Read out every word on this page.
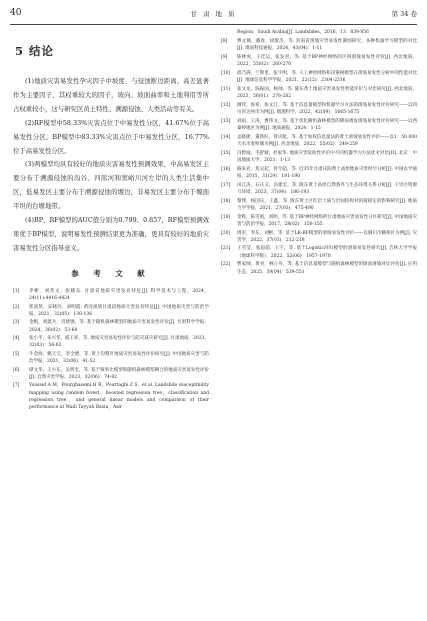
40	甘 肃 地 质	第 34 卷
5 结论

(1)地质灾害易发性孕灾因子中坡度、与侵蚀断边距离、高差显著作为主要因子，其权重较大的因子，坡向、坡面曲率和土地利用等所占权重较小，这与研究区黄土特性、溯源侵蚀、人类活动等有关。

(2)RF模型中58.33%灾害点位于中易发性分区，41.67%位于高易发性分区，BP模型中83.33%灾害点位于中易发性分区，16.77%位于高易发性分区。

(3)两模型均具有较好的地质灾害易发性预测效果，中高易发区主要分布于溯源侵蚀的沟谷、四郎河和窦峪川河左岸的人类生活集中区，低易发区主要分布于溯源侵蚀的塬边，非易发区主要分布于塬面平坦的台塬地带。

(4)BP、RF模型的AUC值分别为0.799、0.857，RF模型预测效果优于BP模型，说明易发性预测结果更为准确，更具有较好的地质灾害易发性分区指导意义。

参 考 文 献
[1] 李彬，刘善文，张晓东. 甘肃省地质灾害发育特征[J]. 科学技术与工程，2024，24(11):4416-4424
[2] 郭富贤，宋晓玲，刘明霞. 黄河流域甘肃段地质灾害发育特征[J]. 中国地质灾害与防治学报，2021，32(05)：130-136
[3] 金帆，刘建兵，肖建强，等. 基于随机森林模型的地质灾害易发性评价[J]. 甘肃科学学报，2024，36(02)：53-60
[4] 张小平，朱兴华，戚王祥，等. 地质灾害易发性评价与防灾减灾研究[J]. 甘肃地质，2023，32(03)：56-62
[5] 牛金海，姚天宝，李全德，等. 黄土沟壑区地质灾害易发性评价研究[J]. 中国地质灾害与防治学报，2021，32(06)：41-52
[6] 谭文华，王小东，吴明奎，等. 基于频率比模型和随机森林模型耦合的地质灾害易发性评价[J]. 自然灾害学报，2023，32(06)：74-82
[7] Youssef A M，Pourghasemi H R，Pourtaghi Z S，et al. Landslide susceptibility mapping using random forest，boosted regression tree，classification and regression tree，and general linear models and comparison of their performance at Wadi Tayyah Basin，Asir
Region，Saudi Arabia[J]. Landslides，2016，13：839-856
[8] 曹文钢，潘春，徐群杰，等. 河南省滑坡灾害易发性制图研究：多种机器学习模型的对比[J]. 地质科技通报，2024，43(04)：1-11
[9] 陈林虎，王佳运，张发君，等. 基于BP神经网络的区域滑坡易发性评价[J]. 西北地质，2022，55(02)：260-270
[10] 邱乃满，兰斯里，张宇明，等. 人工神经网络和决策树模型在滑坡易发性分析中的性能对比[J]. 地球信息科学学报，2021，22(12)：2304-2316
[11] 张文龙，陈振国，杨帅，等. 陇东黄土地质灾害易发性智能评价与对比研究[J]. 西北地质，2023，56(01)：276-282
[12] 阔拜，弥希，张文江，等. 基于信息量模型和机器学习方法的滑坡易发性评价研究——以四川省达州市为例[J]. 地理科学，2022，42(09)：1665-1675
[13] 刘雨，王涛，曹伟文，等. 基于优化随机森林模型的降雨诱发滑坡易发性评价研究——以西秦岭地区为例[J]. 地质通报，2024：1-15
[14] 孟晓捷，董新旺，曾庆航，等. 基于加权信息量法的黄土滑坡易发性评价——以1：50 000天水市麦积城为例[J]. 西北地质，2022，55(02)：249-259
[15] 冯碧诚，毛舒城，杜家华. 地质灾害危险性评价中不同机器学习方法优劣对比[D]. 北京：中国地质大学，2021：1-13
[16] 路来君，焦吴起，曾令超，等. 近35年甘肃庆阳黄土高原地质灾害时空分析[J]. 中国农学通报，2015，31(29)：181-190
[17] 田江涛，石庆义，冯建宏，等. 陇东黄土高原自然条件与生态环境关系分析[J]. 干旱区资源与环境，2023，37(04)：186-193
[18] 黎博，杨国庆，王鑫，等. 陇东黄土区红层土质与层间结构对斜坡稳定的影响研究[J]. 地质力学学报，2021，27(03)：475-490
[19] 金辉，陈雪娟，刘明，等. 基于BP神经网络的甘肃地质灾害易发性分区研究[J]. 中国地质灾害与防治学报，2017，28(02)：150-155
[20] 周军，李东，刘彬，等. 基于LR-RF模型的滑坡易发性评价——以铜川市耀州区为例[J]. 灾害学，2022，37(03)：212-218
[21] 王雪莹，张超超，王宇，等. 基于Logistic回归模型的滑坡易发性研究[J]. 吉林大学学报（地球科学版），2022，52(06)：1957-1970
[22] 曹家帅，黄亮，林立舟，等. 基于信息量模型与随机森林模型的陇南滑坡对比评价[J]. 应用生态，2025，39(04)：539-551
